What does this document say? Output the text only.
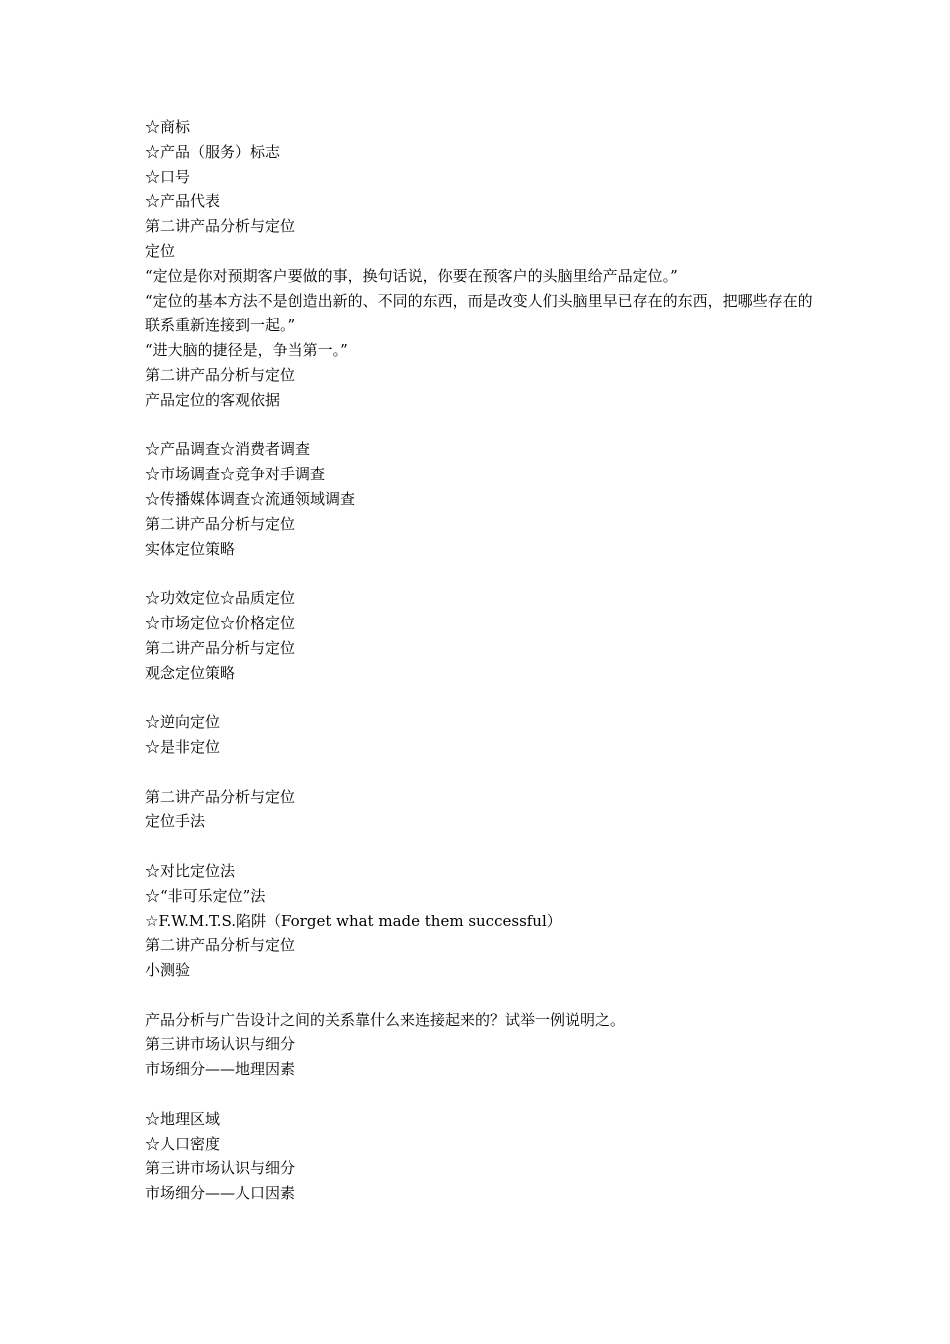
☆商标
☆产品（服务）标志
☆口号
☆产品代表
第二讲产品分析与定位
定位
“定位是你对预期客户要做的事，换句话说，你要在预客户的头脑里给产品定位。”
“定位的基本方法不是创造出新的、不同的东西，而是改变人们头脑里早已存在的东西，把哪些存在的联系重新连接到一起。”
“进大脑的捷径是，争当第一。”
第二讲产品分析与定位
产品定位的客观依据
☆产品调查☆消费者调查
☆市场调查☆竞争对手调查
☆传播媒体调查☆流通领域调查
第二讲产品分析与定位
实体定位策略
☆功效定位☆品质定位
☆市场定位☆价格定位
第二讲产品分析与定位
观念定位策略
☆逆向定位
☆是非定位
第二讲产品分析与定位
定位手法
☆对比定位法
☆“非可乐定位”法
☆F.W.M.T.S.陷阱（Forget what made them successful）
第二讲产品分析与定位
小测验
产品分析与广告设计之间的关系靠什么来连接起来的？试举一例说明之。
第三讲市场认识与细分
市场细分——地理因素
☆地理区域
☆人口密度
第三讲市场认识与细分
市场细分——人口因素
